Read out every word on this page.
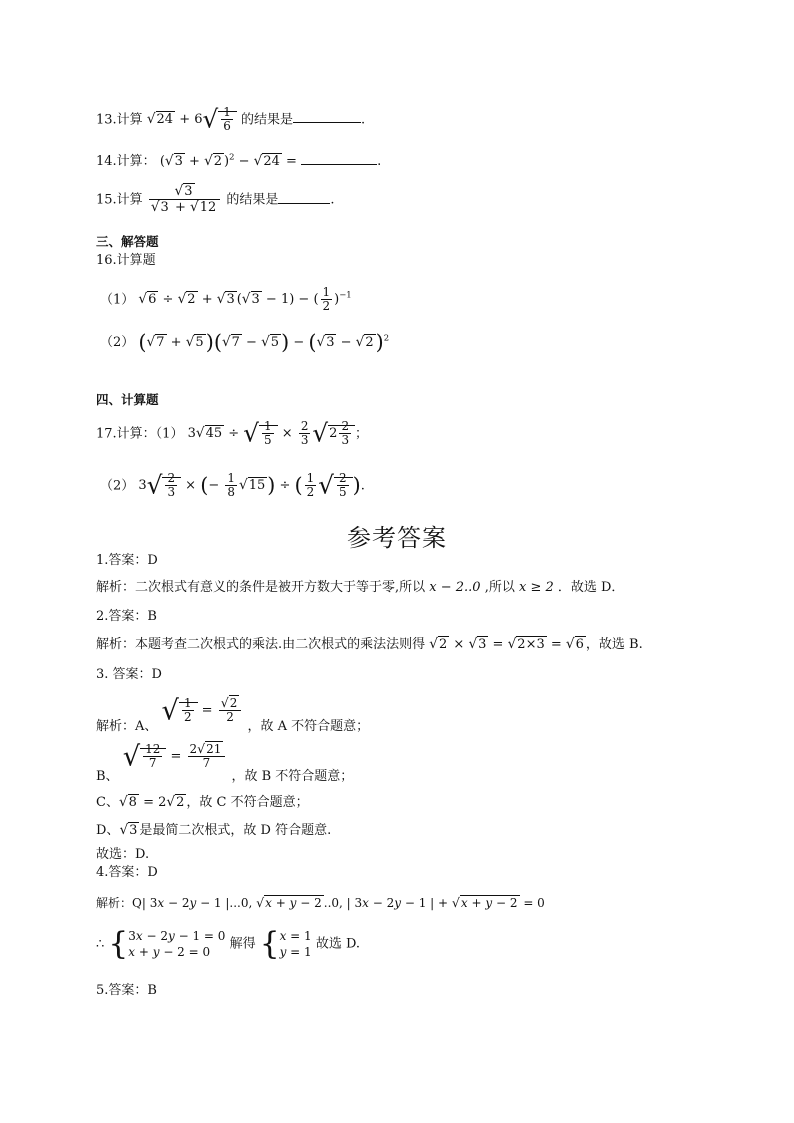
13.计算 $√24 + 6√ \frac{1}{6}$ 的结果是	.
14.计算： (√3 + √2 )$^2$ − √24 =	.
15.计算 $\frac{√3}{√3 + √12}$ 的结果是	.
三、解答题
16.计算题
（1） √6 ÷ √2 + √3 (√3 − 1) − ( $\frac{1}{2} )^{-1}$
（2） $(√7 + √5)(√7 - √5) - (√3 - √2)^2$
四、计算题
17.计算：（1） 3√45 ÷ √ $\frac{1}{5} \times \frac{2}{3} √2 \frac{2}{3}$ ；
（2） $3√ \frac{2}{3}$ × (− $\frac{1}{8} √15$) ÷ ( $\frac{1}{2}$ √ $\frac{2}{5}$ ).
参考答案
1.答案：D
解析：二次根式有意义的条件是被开方数大于等于零,所以 x − 2..0 ,所以 x ≥ 2 ．故选 D．
2.答案：B
解析：本题考查二次根式的乘法.由二次根式的乘法法则得 √2 × √3 = √2×3 = √6 ，故选 B.
3. 答案：D
解析：A、 √ $\frac{1}{2} = \frac{√2}{2}$
，故 A 不符合题意；
B、 √ $\frac{12}{7} = \frac{2√21}{7}$
，故 B 不符合题意；
C、√8 = 2√2 ，故 C 不符合题意；
D、√3 是最简二次根式，故 D 符合题意.
故选：D.
4.答案：D
解析：Q| 3x − 2y − 1 |...0, √x + y − 2 ..0, | 3x − 2y − 1 | + √x + y − 2 = 0
∴ { 3x − 2y − 1 = 0
x + y − 2 = 0
解得 { x = 1
y = 1
故选 D.
5.答案：B
